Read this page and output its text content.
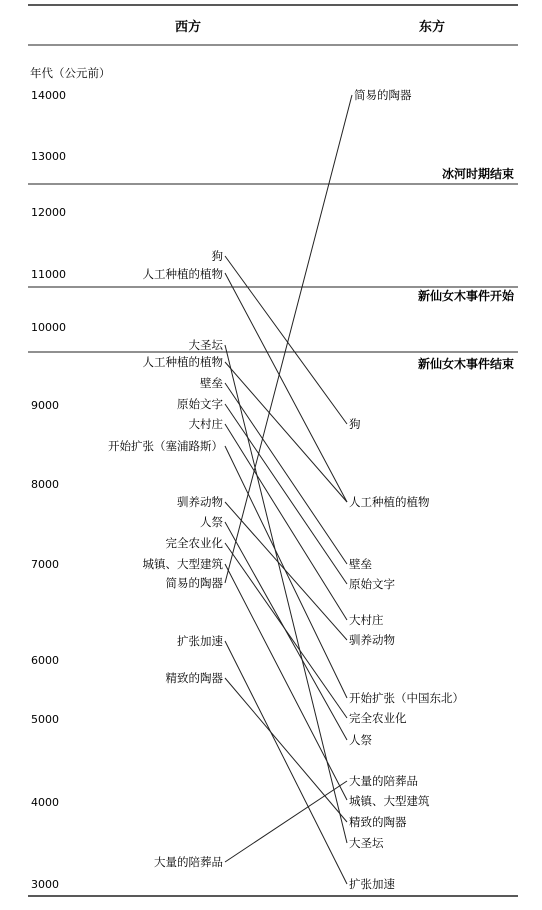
西方	东方
年代（公元前）
14000
13000
12000
11000
10000
9000
8000
7000
6000
5000
4000
3000
冰河时期结束
新仙女木事件开始
新仙女木事件结束
狗
人工种植的植物
大圣坛
人工种植的植物
壁垒
原始文字
大村庄
开始扩张（塞浦路斯）
驯养动物
人祭
完全农业化
城镇、大型建筑
简易的陶器
扩张加速
精致的陶器
大量的陪葬品
简易的陶器
狗
人工种植的植物
壁垒
原始文字
大村庄
驯养动物
开始扩张（中国东北）
完全农业化
人祭
大量的陪葬品
城镇、大型建筑
精致的陶器
大圣坛
扩张加速
